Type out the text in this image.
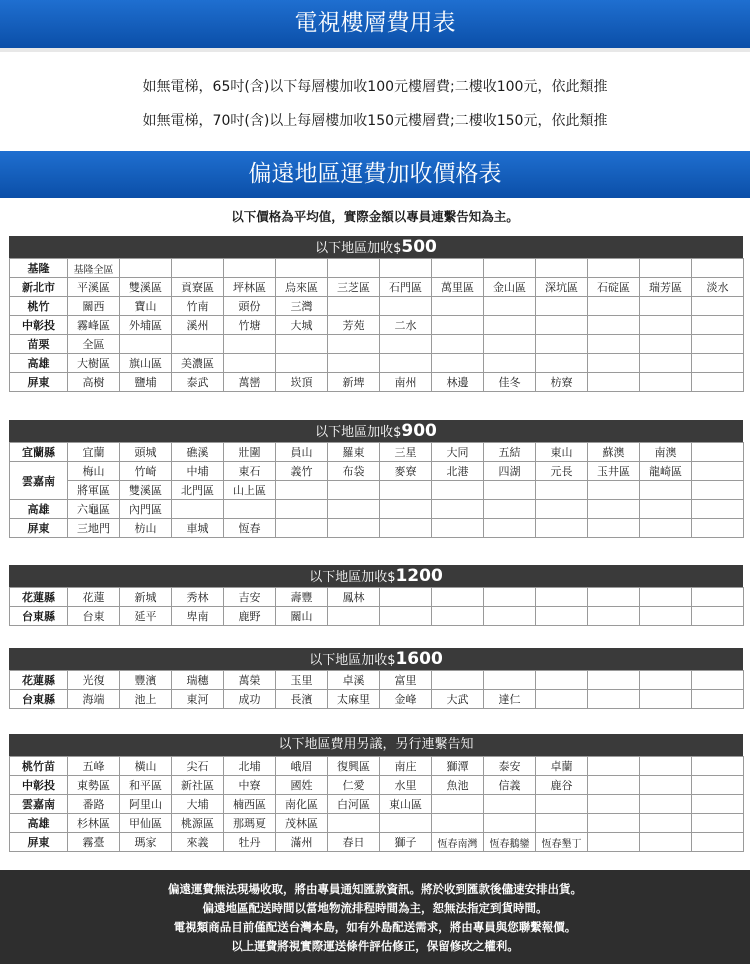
電視樓層費用表
如無電梯，65吋(含)以下每層樓加收100元樓層費;二樓收100元，依此類推
如無電梯，70吋(含)以上每層樓加收150元樓層費;二樓收150元，依此類推
偏遠地區運費加收價格表
以下價格為平均值，實際金額以專員連繫告知為主。
以下地區加收$500
基隆	基隆全區												
新北市	平溪區	雙溪區	貢寮區	坪林區	烏來區	三芝區	石門區	萬里區	金山區	深坑區	石碇區	瑞芳區	淡水
桃竹	關西	寶山	竹南	頭份	三灣								
中彰投	霧峰區	外埔區	溪州	竹塘	大城	芳苑	二水						
苗栗	全區												
高雄	大樹區	旗山區	美濃區										
屏東	高樹	鹽埔	泰武	萬巒	崁頂	新埤	南州	林邊	佳冬	枋寮			
以下地區加收$900
宜蘭縣	宜蘭	頭城	礁溪	壯圍	員山	羅東	三星	大同	五結	東山	蘇澳	南澳	
雲嘉南	梅山	竹崎	中埔	東石	義竹	布袋	麥寮	北港	四湖	元長	玉井區	龍崎區	
	將軍區	雙溪區	北門區	山上區									
高雄	六龜區	內門區											
屏東	三地門	枋山	車城	恆春									
以下地區加收$1200
花蓮縣	花蓮	新城	秀林	吉安	壽豐	鳳林							
台東縣	台東	延平	卑南	鹿野	關山								
以下地區加收$1600
花蓮縣	光復	豐濱	瑞穗	萬榮	玉里	卓溪	富里						
台東縣	海端	池上	東河	成功	長濱	太麻里	金峰	大武	達仁				
以下地區費用另議，另行連繫告知
桃竹苗	五峰	橫山	尖石	北埔	峨眉	復興區	南庄	獅潭	泰安	卓蘭			
中彰投	東勢區	和平區	新社區	中寮	國姓	仁愛	水里	魚池	信義	鹿谷			
雲嘉南	番路	阿里山	大埔	楠西區	南化區	白河區	東山區						
高雄	杉林區	甲仙區	桃源區	那瑪夏	茂林區								
屏東	霧臺	瑪家	來義	牡丹	滿州	春日	獅子	恆春南灣	恆春鵝鑾	恆春墾丁			
偏遠運費無法現場收取，將由專員通知匯款資訊。將於收到匯款後儘速安排出貨。
偏遠地區配送時間以當地物流排程時間為主，恕無法指定到貨時間。
電視類商品目前僅配送台灣本島，如有外島配送需求，將由專員與您聯繫報價。
以上運費將視實際運送條件評估修正，保留修改之權利。
